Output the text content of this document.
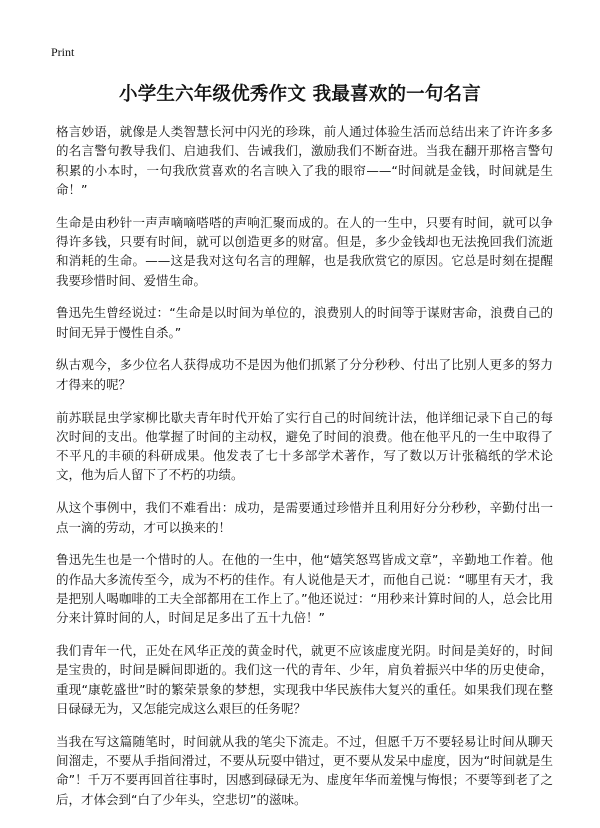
Print
小学生六年级优秀作文 我最喜欢的一句名言

格言妙语，就像是人类智慧长河中闪光的珍珠，前人通过体验生活而总结出来了许许多多的名言警句教导我们、启迪我们、告诫我们，激励我们不断奋进。当我在翻开那格言警句积累的小本时，一句我欣赏喜欢的名言映入了我的眼帘——“时间就是金钱，时间就是生命！”

生命是由秒针一声声嘀嘀嗒嗒的声响汇聚而成的。在人的一生中，只要有时间，就可以争得许多钱，只要有时间，就可以创造更多的财富。但是，多少金钱却也无法挽回我们流逝和消耗的生命。——这是我对这句名言的理解，也是我欣赏它的原因。它总是时刻在提醒我要珍惜时间、爱惜生命。

鲁迅先生曾经说过：“生命是以时间为单位的，浪费别人的时间等于谋财害命，浪费自己的时间无异于慢性自杀。”

纵古观今，多少位名人获得成功不是因为他们抓紧了分分秒秒、付出了比别人更多的努力才得来的呢？

前苏联昆虫学家柳比歇夫青年时代开始了实行自己的时间统计法，他详细记录下自己的每次时间的支出。他掌握了时间的主动权，避免了时间的浪费。他在他平凡的一生中取得了不平凡的丰硕的科研成果。他发表了七十多部学术著作，写了数以万计张稿纸的学术论文，他为后人留下了不朽的功绩。

从这个事例中，我们不难看出：成功，是需要通过珍惜并且利用好分分秒秒，辛勤付出一点一滴的劳动，才可以换来的！

鲁迅先生也是一个惜时的人。在他的一生中，他“嬉笑怒骂皆成文章”，辛勤地工作着。他的作品大多流传至今，成为不朽的佳作。有人说他是天才，而他自己说：“哪里有天才，我是把别人喝咖啡的工夫全部都用在工作上了。”他还说过：“用秒来计算时间的人，总会比用分来计算时间的人，时间足足多出了五十九倍！”

我们青年一代，正处在风华正茂的黄金时代，就更不应该虚度光阴。时间是美好的，时间是宝贵的，时间是瞬间即逝的。我们这一代的青年、少年，肩负着振兴中华的历史使命，重现“康乾盛世”时的繁荣景象的梦想，实现我中华民族伟大复兴的重任。如果我们现在整日碌碌无为，又怎能完成这么艰巨的任务呢？

当我在写这篇随笔时，时间就从我的笔尖下流走。不过，但愿千万不要轻易让时间从聊天间溜走，不要从手指间滑过，不要从玩耍中错过，更不要从发呆中虚度，因为“时间就是生命”！千万不要再回首往事时，因感到碌碌无为、虚度年华而羞愧与悔恨；不要等到老了之后，才体会到“白了少年头，空悲切”的滋味。
